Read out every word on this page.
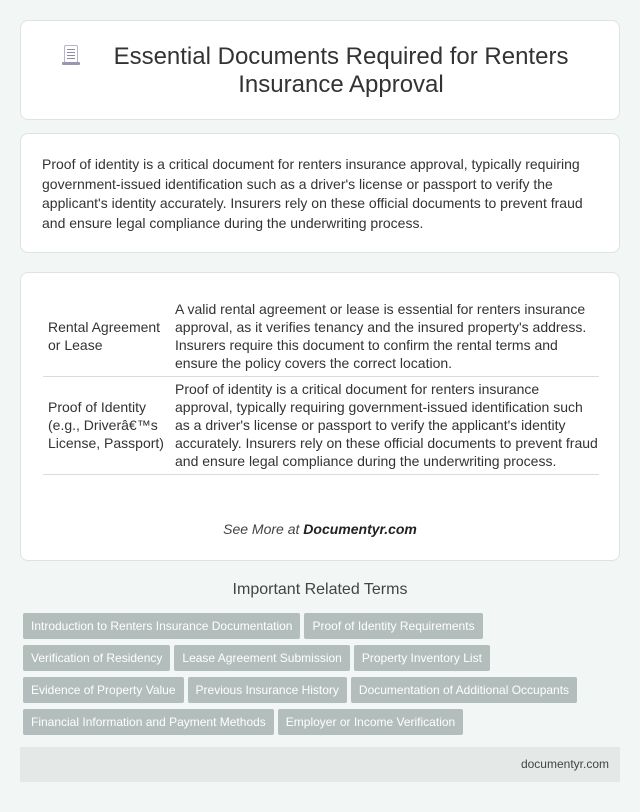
Essential Documents Required for Renters Insurance Approval

Proof of identity is a critical document for renters insurance approval, typically requiring government-issued identification such as a driver's license or passport to verify the applicant's identity accurately. Insurers rely on these official documents to prevent fraud and ensure legal compliance during the underwriting process.

Rental Agreement or Lease	A valid rental agreement or lease is essential for renters insurance approval, as it verifies tenancy and the insured property's address. Insurers require this document to confirm the rental terms and ensure the policy covers the correct location.
Proof of Identity (e.g., Driverâ€™s License, Passport)	Proof of identity is a critical document for renters insurance approval, typically requiring government-issued identification such as a driver's license or passport to verify the applicant's identity accurately. Insurers rely on these official documents to prevent fraud and ensure legal compliance during the underwriting process.
See More at Documentyr.com
Important Related Terms
Introduction to Renters Insurance Documentation Proof of Identity Requirements
Verification of Residency Lease Agreement Submission Property Inventory List
Evidence of Property Value Previous Insurance History Documentation of Additional Occupants
Financial Information and Payment Methods Employer or Income Verification
documentyr.com
